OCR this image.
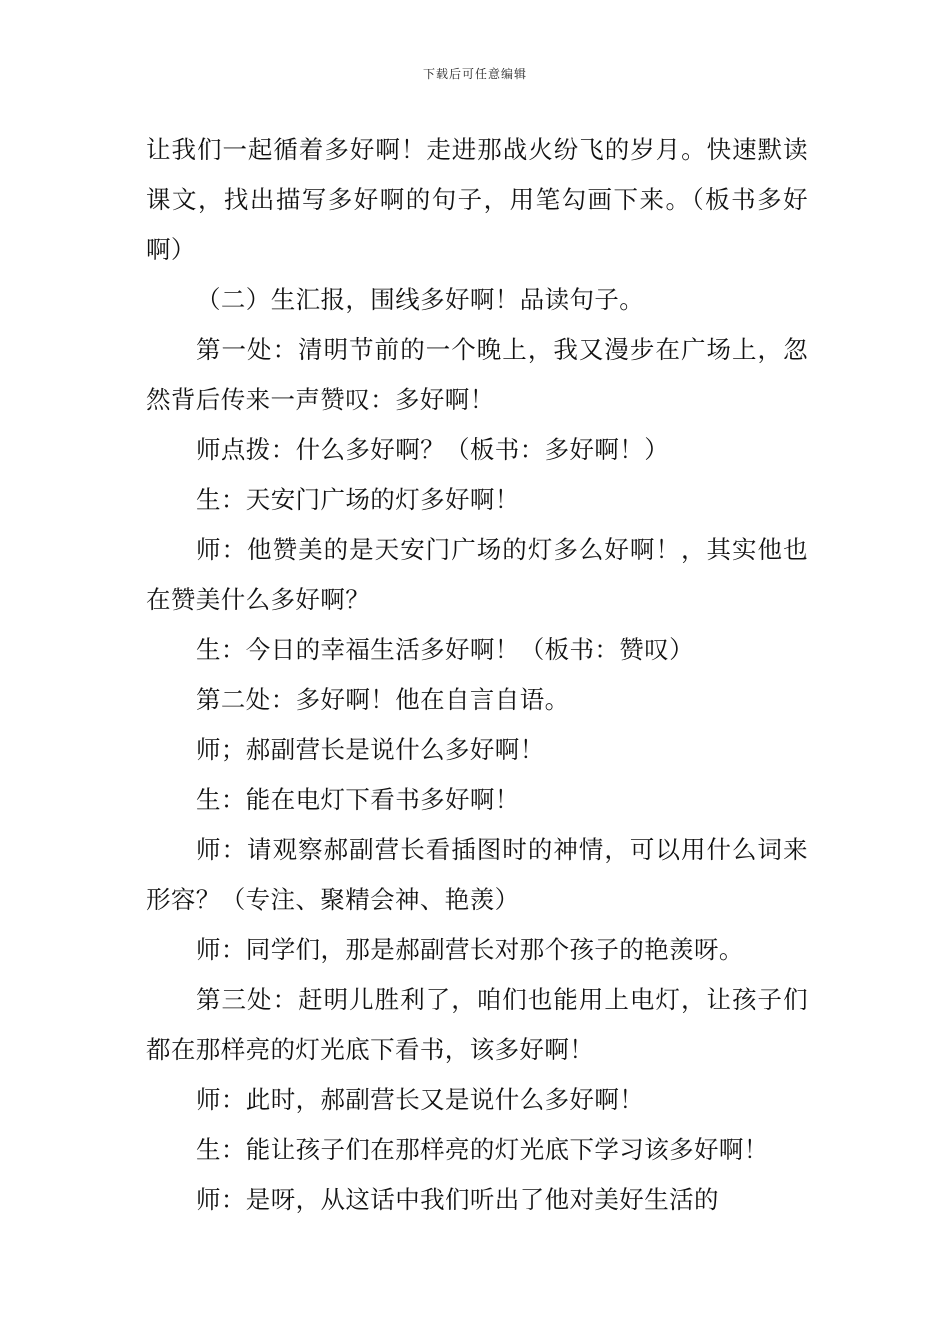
下载后可任意编辑

让我们一起循着多好啊！走进那战火纷飞的岁月。快速默读课文，找出描写多好啊的句子，用笔勾画下来。（板书多好啊）

（二）生汇报，围线多好啊！品读句子。

第一处：清明节前的一个晚上，我又漫步在广场上，忽然背后传来一声赞叹：多好啊！

师点拨：什么多好啊？（板书：多好啊！）

生：天安门广场的灯多好啊！

师：他赞美的是天安门广场的灯多么好啊！，其实他也在赞美什么多好啊？

生：今日的幸福生活多好啊！（板书：赞叹）

第二处：多好啊！他在自言自语。

师；郝副营长是说什么多好啊！

生：能在电灯下看书多好啊！

师：请观察郝副营长看插图时的神情，可以用什么词来形容？（专注、聚精会神、艳羡）

师：同学们，那是郝副营长对那个孩子的艳羡呀。

第三处：赶明儿胜利了，咱们也能用上电灯，让孩子们都在那样亮的灯光底下看书，该多好啊！

师：此时，郝副营长又是说什么多好啊！

生：能让孩子们在那样亮的灯光底下学习该多好啊！

师：是呀，从这话中我们听出了他对美好生活的
